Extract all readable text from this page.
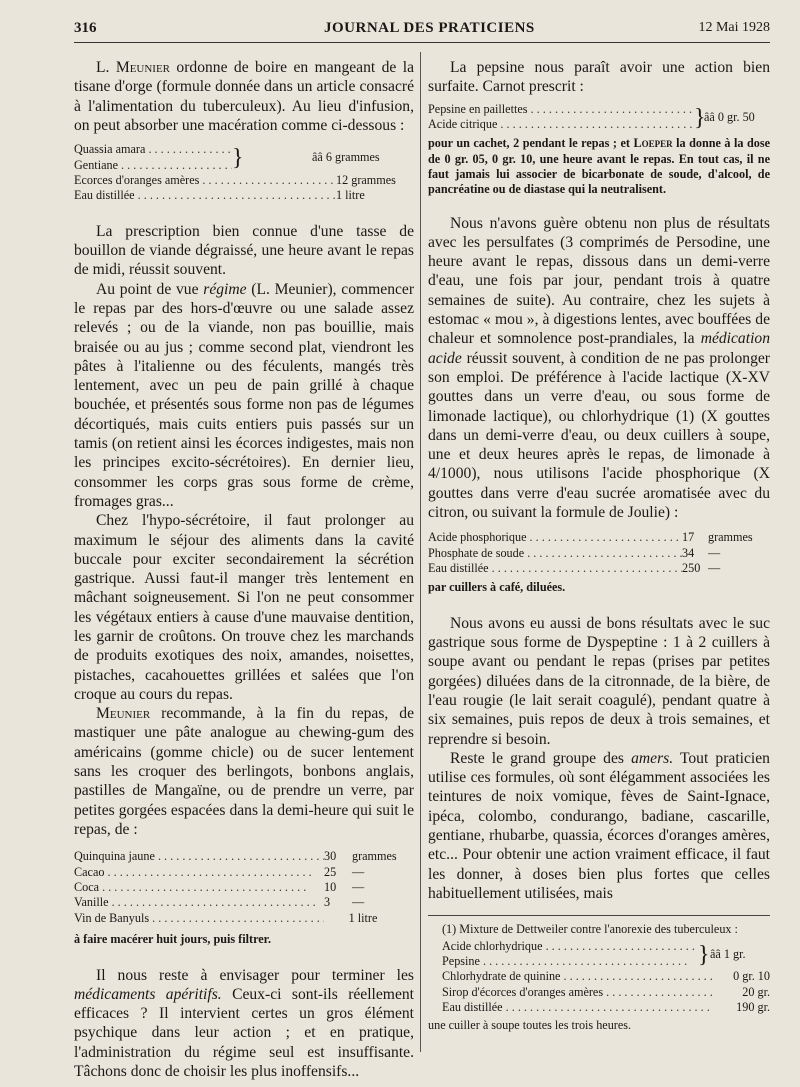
316	JOURNAL DES PRATICIENS	12 Mai 1928

L. Meunier ordonne de boire en mangeant de la tisane d'orge (formule donnée dans un article consacré à l'alimentation du tuberculeux). Au lieu d'infusion, on peut absorber une macération comme ci-dessous :

Quassia amara . . .
Gentiane . . .	}	ââ 6 grammes
Ecorces d'oranges amères . . .	12 grammes
Eau distillée . . .	1 litre

La prescription bien connue d'une tasse de bouillon de viande dégraissé, une heure avant le repas de midi, réussit souvent.

Au point de vue régime (L. Meunier), commencer le repas par des hors-d'œuvre ou une salade assez relevés ; ou de la viande, non pas bouillie, mais braisée ou au jus ; comme second plat, viendront les pâtes à l'italienne ou des féculents, mangés très lentement, avec un peu de pain grillé à chaque bouchée, et présentés sous forme non pas de légumes décortiqués, mais cuits entiers puis passés sur un tamis (on retient ainsi les écorces indigestes, mais non les principes excito-sécrétoires). En dernier lieu, consommer les corps gras sous forme de crème, fromages gras...

Chez l'hypo-sécrétoire, il faut prolonger au maximum le séjour des aliments dans la cavité buccale pour exciter secondairement la sécrétion gastrique. Aussi faut-il manger très lentement en mâchant soigneusement. Si l'on ne peut consommer les végétaux entiers à cause d'une mauvaise dentition, les garnir de croûtons. On trouve chez les marchands de produits exotiques des noix, amandes, noisettes, pistaches, cacahouettes grillées et salées que l'on croque au cours du repas.

Meunier recommande, à la fin du repas, de mastiquer une pâte analogue au chewing-gum des américains (gomme chicle) ou de sucer lentement sans les croquer des berlingots, bonbons anglais, pastilles de Mangaïne, ou de prendre un verre, par petites gorgées espacées dans la demi-heure qui suit le repas, de :

Quinquina jaune . . .	30	grammes
Cacao . . .	25	—
Coca . . .	10	—
Vanille . . .	3	—
Vin de Banyuls . . .	1 litre
à faire macérer huit jours, puis filtrer.

Il nous reste à envisager pour terminer les médicaments apéritifs. Ceux-ci sont-ils réellement efficaces ? Il intervient certes un gros élément psychique dans leur action ; et en pratique, l'administration du régime seul est insuffisante. Tâchons donc de choisir les plus inoffensifs...

La pepsine nous paraît avoir une action bien surfaite. Carnot prescrit :

Pepsine en paillettes . . .
Acide citrique . . .	}
ââ 0 gr. 50
pour un cachet, 2 pendant le repas ; et Loeper la donne à la dose de 0 gr. 05, 0 gr. 10, une heure avant le repas. En tout cas, il ne faut jamais lui associer de bicarbonate de soude, d'alcool, de pancréatine ou de diastase qui la neutralisent.

Nous n'avons guère obtenu non plus de résultats avec les persulfates (3 comprimés de Persodine, une heure avant le repas, dissous dans un demi-verre d'eau, une fois par jour, pendant trois à quatre semaines de suite). Au contraire, chez les sujets à estomac « mou », à digestions lentes, avec bouffées de chaleur et somnolence post-prandiales, la médication acide réussit souvent, à condition de ne pas prolonger son emploi. De préférence à l'acide lactique (X-XV gouttes dans un verre d'eau, ou sous forme de limonade lactique), ou chlorhydrique (1) (X gouttes dans un demi-verre d'eau, ou deux cuillers à soupe, une et deux heures après le repas, de limonade à 4/1000), nous utilisons l'acide phosphorique (X gouttes dans verre d'eau sucrée aromatisée avec du citron, ou suivant la formule de Joulie) :

Acide phosphorique . . .	17	grammes
Phosphate de soude . . .	34	—
Eau distillée . . .	250 —
par cuillers à café, diluées.

Nous avons eu aussi de bons résultats avec le suc gastrique sous forme de Dyspeptine : 1 à 2 cuillers à soupe avant ou pendant le repas (prises par petites gorgées) diluées dans de la citronnade, de la bière, de l'eau rougie (le lait serait coagulé), pendant quatre à six semaines, puis repos de deux à trois semaines, et reprendre si besoin.

Reste le grand groupe des amers. Tout praticien utilise ces formules, où sont élégamment associées les teintures de noix vomique, fèves de Saint-Ignace, ipéca, colombo, condurango, badiane, cascarille, gentiane, rhubarbe, quassia, écorces d'oranges amères, etc... Pour obtenir une action vraiment efficace, il faut les donner, à doses bien plus fortes que celles habituellement utilisées, mais

(1) Mixture de Dettweiler contre l'anorexie des tuberculeux :
Acide chlorhydrique . . .
Pepsine . . .	} ââ 1 gr.
Chlorhydrate de quinine . . .	0 gr. 10
Sirop d'écorces d'oranges amères . . .	20 gr.
Eau distillée . . .	190 gr.
une cuiller à soupe toutes les trois heures.
